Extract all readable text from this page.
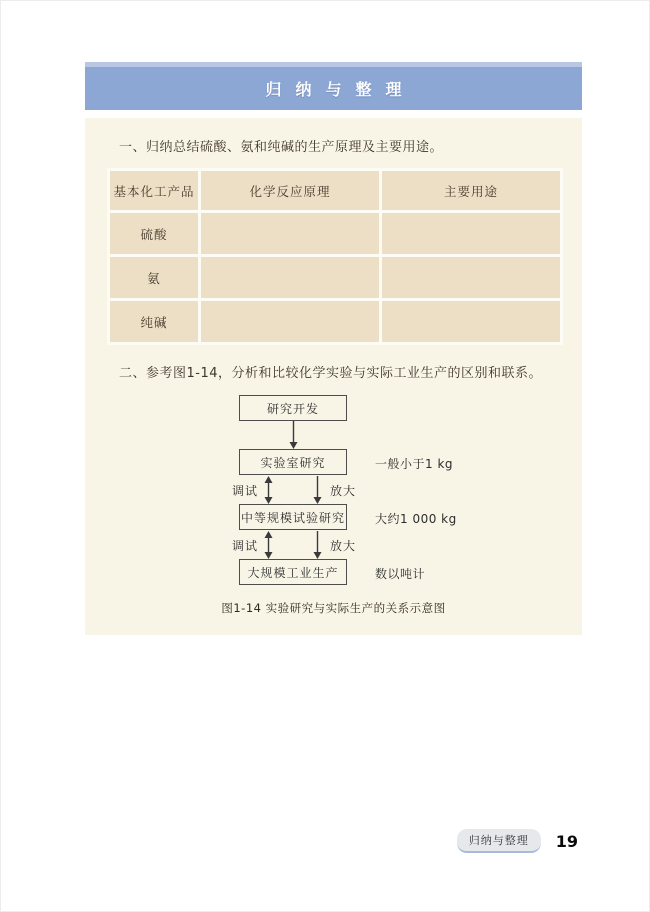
归纳与整理

一、归纳总结硫酸、氨和纯碱的生产原理及主要用途。

基本化工产品	化学反应原理	主要用途
硫酸
氨
纯碱

二、参考图1-14，分析和比较化学实验与实际工业生产的区别和联系。

研究开发
实验室研究	一般小于1 kg
调试	放大
中等规模试验研究	大约1 000 kg
调试	放大
大规模工业生产	数以吨计
图1-14 实验研究与实际生产的关系示意图
归纳与整理	19
